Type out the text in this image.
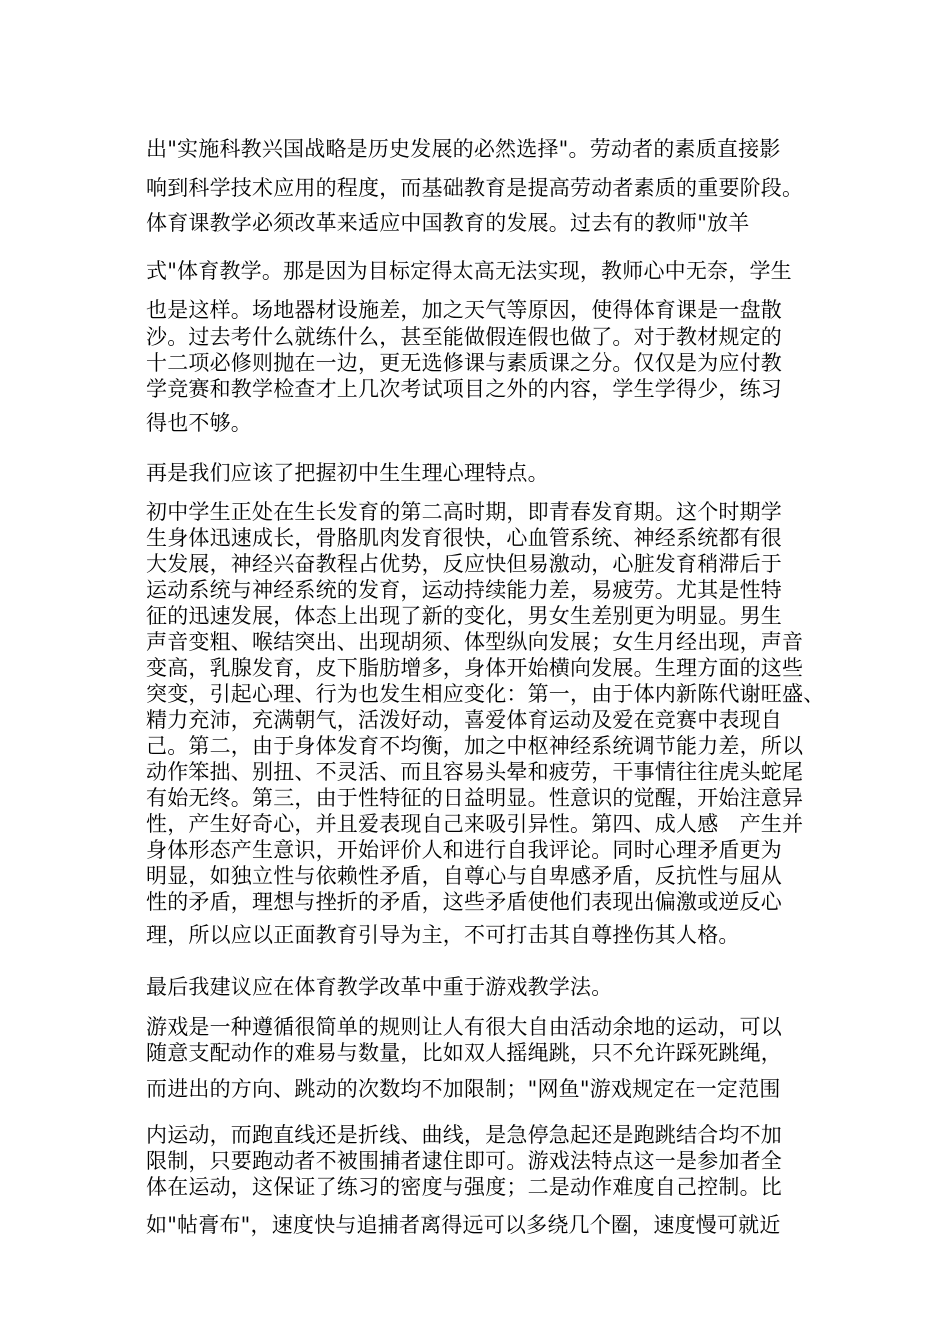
出"实施科教兴国战略是历史发展的必然选择"。劳动者的素质直接影

响到科学技术应用的程度，而基础教育是提高劳动者素质的重要阶段。

体育课教学必须改革来适应中国教育的发展。过去有的教师"放羊

式"体育教学。那是因为目标定得太高无法实现，教师心中无奈，学生

也是这样。场地器材设施差，加之天气等原因，使得体育课是一盘散

沙。过去考什么就练什么，甚至能做假连假也做了。对于教材规定的

十二项必修则抛在一边，更无选修课与素质课之分。仅仅是为应付教

学竞赛和教学检查才上几次考试项目之外的内容，学生学得少，练习

得也不够。

再是我们应该了把握初中生生理心理特点。

初中学生正处在生长发育的第二高时期，即青春发育期。这个时期学

生身体迅速成长，骨胳肌肉发育很快，心血管系统、神经系统都有很

大发展，神经兴奋教程占优势，反应快但易激动，心脏发育稍滞后于

运动系统与神经系统的发育，运动持续能力差，易疲劳。尤其是性特

征的迅速发展，体态上出现了新的变化，男女生差别更为明显。男生

声音变粗、喉结突出、出现胡须、体型纵向发展；女生月经出现，声音

变高，乳腺发育，皮下脂肪增多，身体开始横向发展。生理方面的这些

突变，引起心理、行为也发生相应变化：第一，由于体内新陈代谢旺盛、

精力充沛，充满朝气，活泼好动，喜爱体育运动及爱在竞赛中表现自

己。第二，由于身体发育不均衡，加之中枢神经系统调节能力差，所以

动作笨拙、别扭、不灵活、而且容易头晕和疲劳，干事情往往虎头蛇尾

有始无终。第三，由于性特征的日益明显。性意识的觉醒，开始注意异

性，产生好奇心，并且爱表现自己来吸引异性。第四、成人感　产生并

身体形态产生意识，开始评价人和进行自我评论。同时心理矛盾更为

明显，如独立性与依赖性矛盾，自尊心与自卑感矛盾，反抗性与屈从

性的矛盾，理想与挫折的矛盾，这些矛盾使他们表现出偏激或逆反心

理，所以应以正面教育引导为主，不可打击其自尊挫伤其人格。

最后我建议应在体育教学改革中重于游戏教学法。

游戏是一种遵循很简单的规则让人有很大自由活动余地的运动，可以

随意支配动作的难易与数量，比如双人摇绳跳，只不允许踩死跳绳，

而进出的方向、跳动的次数均不加限制；"网鱼"游戏规定在一定范围

内运动，而跑直线还是折线、曲线，是急停急起还是跑跳结合均不加

限制，只要跑动者不被围捕者逮住即可。游戏法特点这一是参加者全

体在运动，这保证了练习的密度与强度；二是动作难度自己控制。比

如"帖膏布"，速度快与追捕者离得远可以多绕几个圈，速度慢可就近
